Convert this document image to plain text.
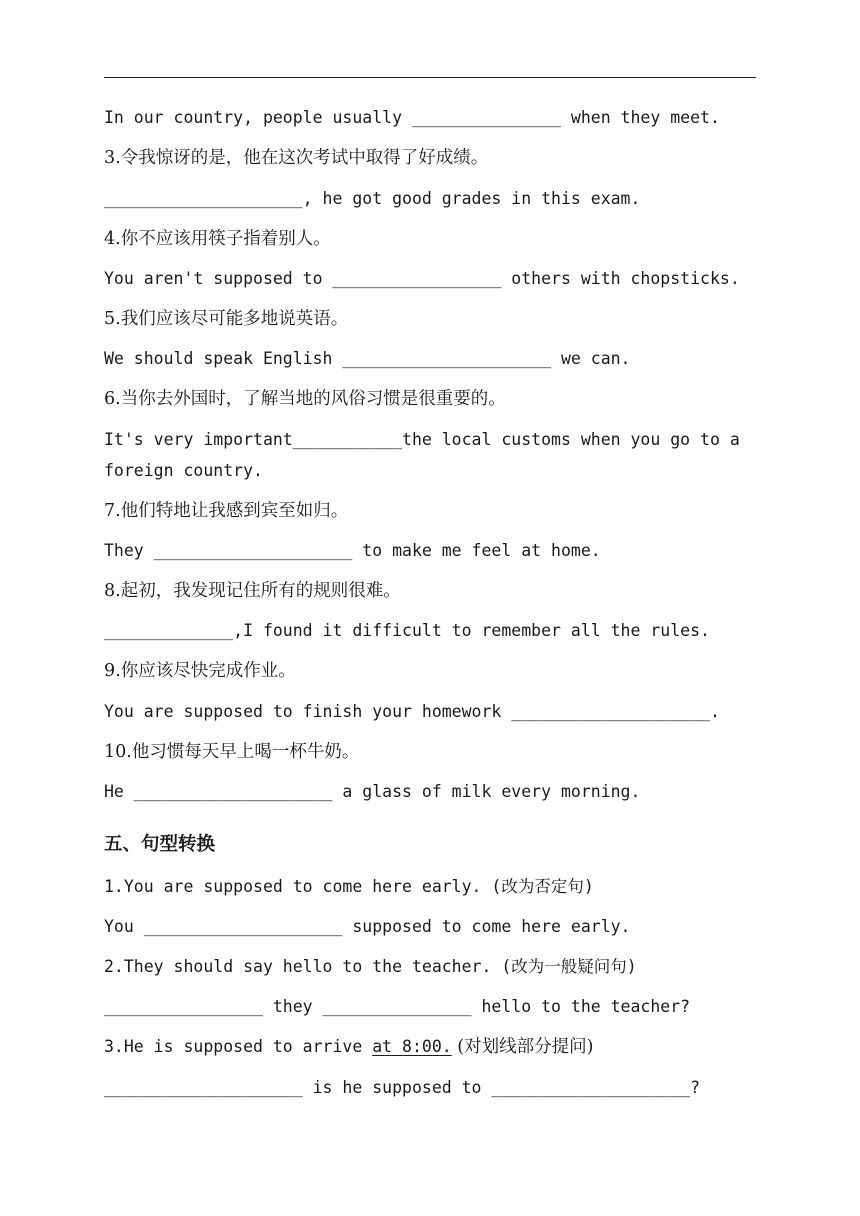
In our country, people usually _______________ when they meet.
3.令我惊讶的是，他在这次考试中取得了好成绩。
____________________, he got good grades in this exam.
4.你不应该用筷子指着别人。
You aren't supposed to _________________ others with chopsticks.
5.我们应该尽可能多地说英语。
We should speak English _____________________ we can.
6.当你去外国时，了解当地的风俗习惯是很重要的。
It's very important___________the local customs when you go to a
foreign country.
7.他们特地让我感到宾至如归。
They ____________________ to make me feel at home.
8.起初，我发现记住所有的规则很难。
_____________,I found it difficult to remember all the rules.
9.你应该尽快完成作业。
You are supposed to finish your homework ____________________.
10.他习惯每天早上喝一杯牛奶。
He ____________________ a glass of milk every morning.
五、句型转换
1.You are supposed to come here early. (改为否定句)
You ____________________ supposed to come here early.
2.They should say hello to the teacher. (改为一般疑问句)
________________ they _______________ hello to the teacher?
3.He is supposed to arrive at 8:00. (对划线部分提问)
____________________ is he supposed to ____________________?
